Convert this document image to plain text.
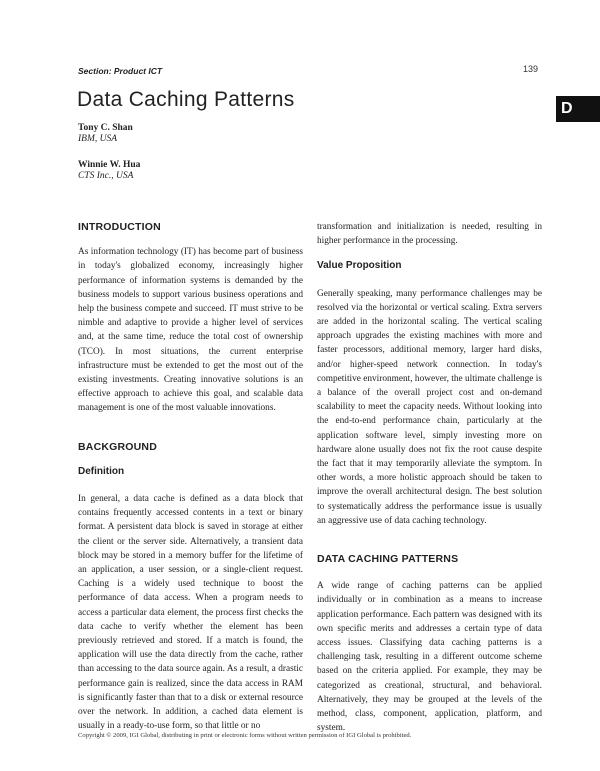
Section: Product ICT	139
D
Data Caching Patterns
Tony C. Shan
IBM, USA
Winnie W. Hua
CTS Inc., USA
INTRODUCTION

As information technology (IT) has become part of business in today's globalized economy, increasingly higher performance of information systems is demanded by the business models to support various business operations and help the business compete and succeed. IT must strive to be nimble and adaptive to provide a higher level of services and, at the same time, reduce the total cost of ownership (TCO). In most situations, the current enterprise infrastructure must be extended to get the most out of the existing investments. Creating innovative solutions is an effective approach to achieve this goal, and scalable data management is one of the most valuable innovations.

BACKGROUND
Definition

In general, a data cache is defined as a data block that contains frequently accessed contents in a text or binary format. A persistent data block is saved in storage at either the client or the server side. Alternatively, a transient data block may be stored in a memory buffer for the lifetime of an application, a user session, or a single-client request. Caching is a widely used technique to boost the performance of data access. When a program needs to access a particular data element, the process first checks the data cache to verify whether the element has been previously retrieved and stored. If a match is found, the application will use the data directly from the cache, rather than accessing to the data source again. As a result, a drastic performance gain is realized, since the data access in RAM is significantly faster than that to a disk or external resource over the network. In addition, a cached data element is usually in a ready-to-use form, so that little or no

transformation and initialization is needed, resulting in higher performance in the processing.

Value Proposition

Generally speaking, many performance challenges may be resolved via the horizontal or vertical scaling. Extra servers are added in the horizontal scaling. The vertical scaling approach upgrades the existing machines with more and faster processors, additional memory, larger hard disks, and/or higher-speed network connection. In today's competitive environment, however, the ultimate challenge is a balance of the overall project cost and on-demand scalability to meet the capacity needs. Without looking into the end-to-end performance chain, particularly at the application software level, simply investing more on hardware alone usually does not fix the root cause despite the fact that it may temporarily alleviate the symptom. In other words, a more holistic approach should be taken to improve the overall architectural design. The best solution to systematically address the performance issue is usually an aggressive use of data caching technology.

DATA CACHING PATTERNS

A wide range of caching patterns can be applied individually or in combination as a means to increase application performance. Each pattern was designed with its own specific merits and addresses a certain type of data access issues. Classifying data caching patterns is a challenging task, resulting in a different outcome scheme based on the criteria applied. For example, they may be categorized as creational, structural, and behavioral. Alternatively, they may be grouped at the levels of the method, class, component, application, platform, and system.

Copyright © 2009, IGI Global, distributing in print or electronic forms without written permission of IGI Global is prohibited.
